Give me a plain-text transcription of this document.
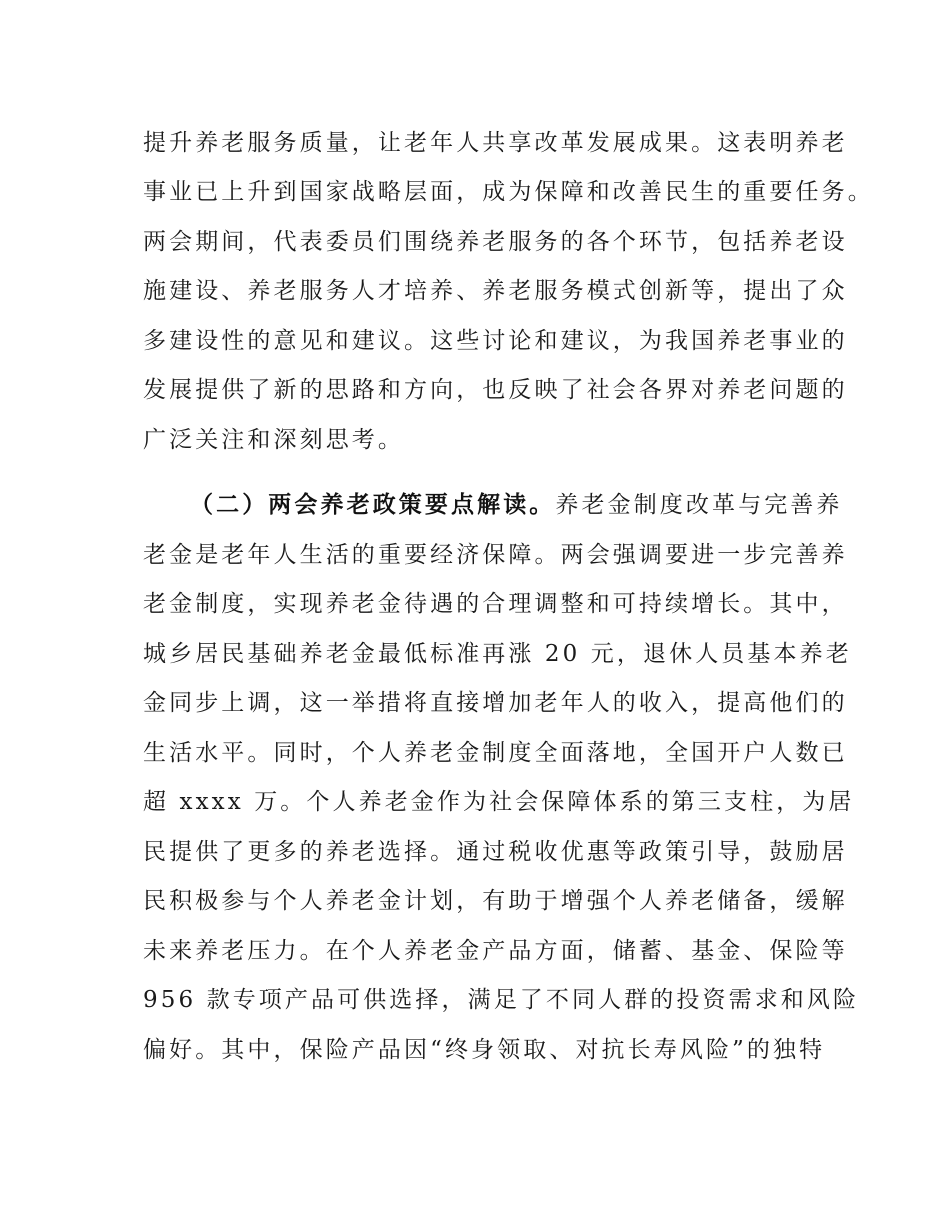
提升养老服务质量，让老年人共享改革发展成果。这表明养老
事业已上升到国家战略层面，成为保障和改善民生的重要任务。
两会期间，代表委员们围绕养老服务的各个环节，包括养老设
施建设、养老服务人才培养、养老服务模式创新等，提出了众
多建设性的意见和建议。这些讨论和建议，为我国养老事业的
发展提供了新的思路和方向，也反映了社会各界对养老问题的
广泛关注和深刻思考。
（二）两会养老政策要点解读。养老金制度改革与完善养
老金是老年人生活的重要经济保障。两会强调要进一步完善养
老金制度，实现养老金待遇的合理调整和可持续增长。其中，
城乡居民基础养老金最低标准再涨 20 元，退休人员基本养老
金同步上调，这一举措将直接增加老年人的收入，提高他们的
生活水平。同时，个人养老金制度全面落地，全国开户人数已
超 xxxx 万。个人养老金作为社会保障体系的第三支柱，为居
民提供了更多的养老选择。通过税收优惠等政策引导，鼓励居
民积极参与个人养老金计划，有助于增强个人养老储备，缓解
未来养老压力。在个人养老金产品方面，储蓄、基金、保险等
956 款专项产品可供选择，满足了不同人群的投资需求和风险
偏好。其中，保险产品因“终身领取、对抗长寿风险”的独特
